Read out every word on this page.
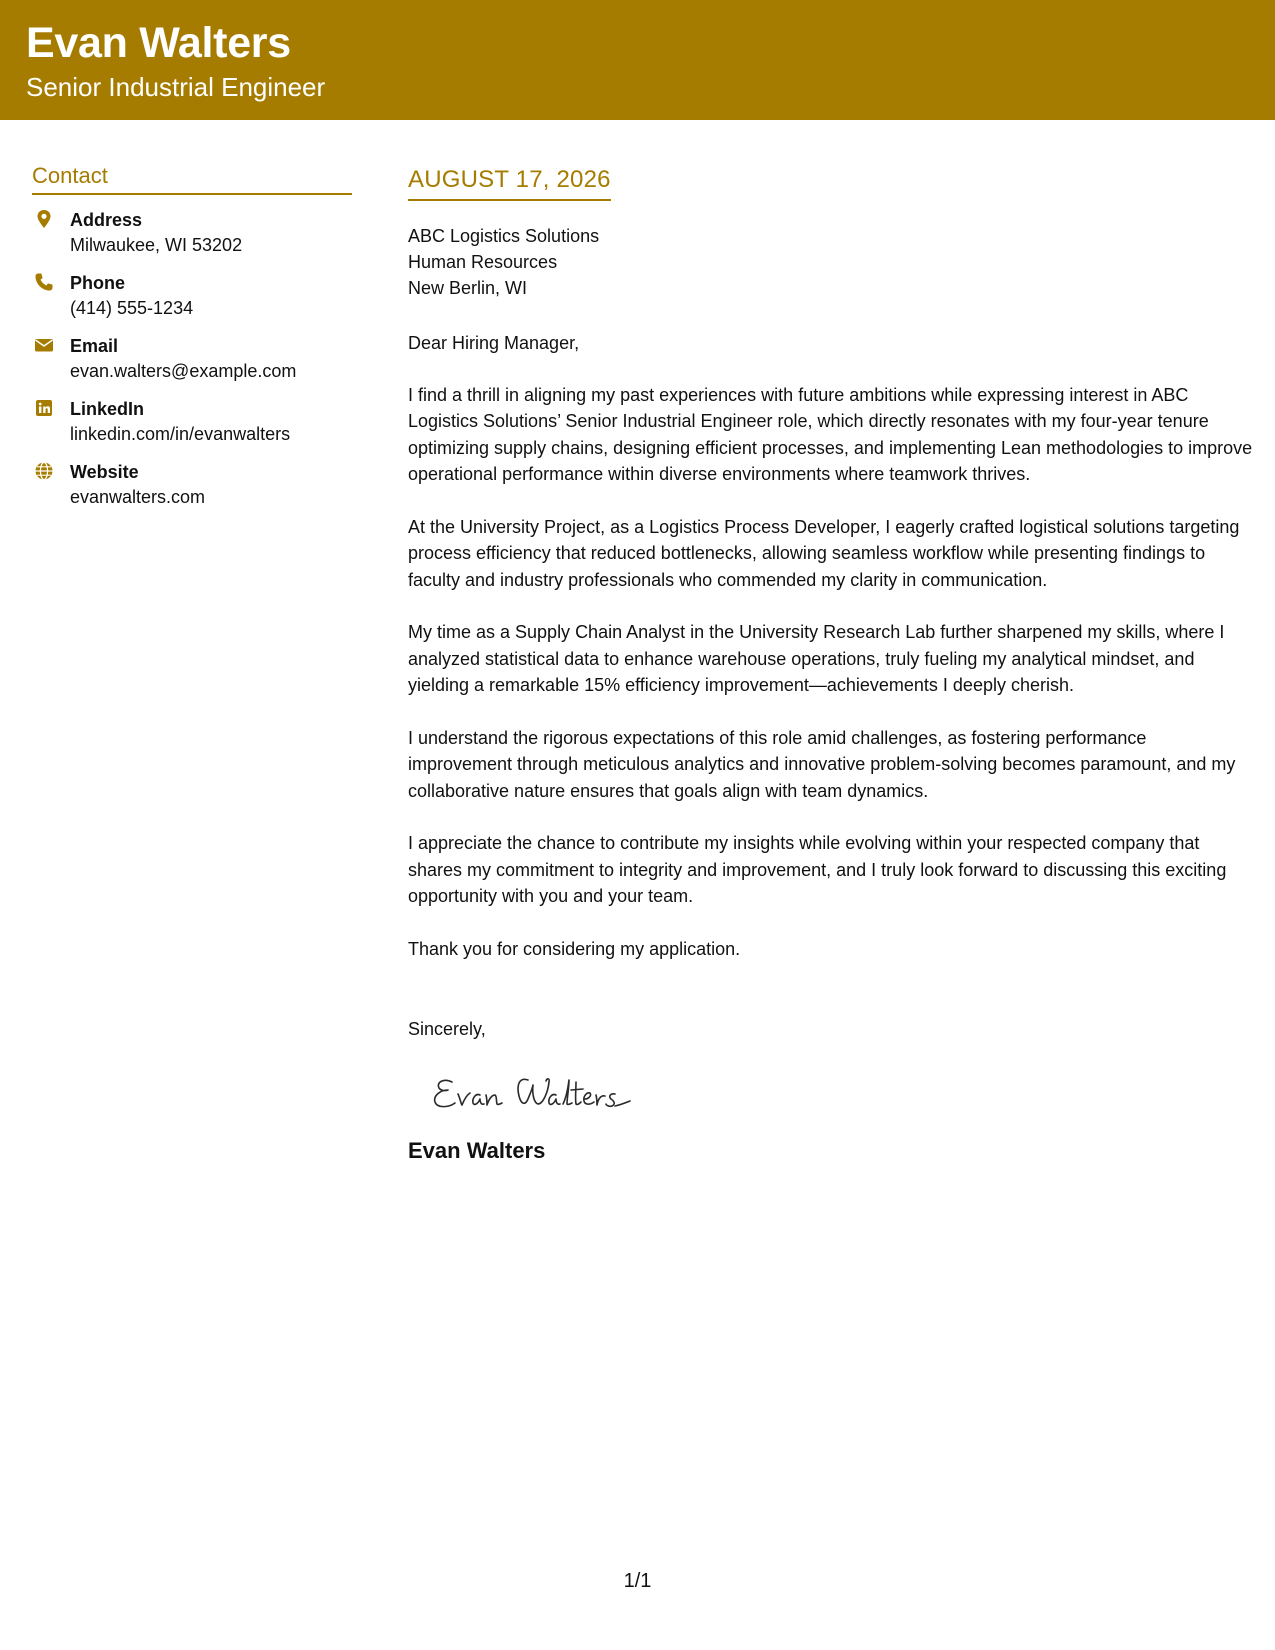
Evan Walters
Senior Industrial Engineer
Contact
Address
Milwaukee, WI 53202
Phone
(414) 555-1234
Email
evan.walters@example.com
LinkedIn
linkedin.com/in/evanwalters
Website
evanwalters.com
AUGUST 17, 2026
ABC Logistics Solutions
Human Resources
New Berlin, WI
Dear Hiring Manager,
I find a thrill in aligning my past experiences with future ambitions while expressing interest in ABC Logistics Solutions’ Senior Industrial Engineer role, which directly resonates with my four-year tenure optimizing supply chains, designing efficient processes, and implementing Lean methodologies to improve operational performance within diverse environments where teamwork thrives.
At the University Project, as a Logistics Process Developer, I eagerly crafted logistical solutions targeting process efficiency that reduced bottlenecks, allowing seamless workflow while presenting findings to faculty and industry professionals who commended my clarity in communication.
My time as a Supply Chain Analyst in the University Research Lab further sharpened my skills, where I analyzed statistical data to enhance warehouse operations, truly fueling my analytical mindset, and yielding a remarkable 15% efficiency improvement—achievements I deeply cherish.
I understand the rigorous expectations of this role amid challenges, as fostering performance improvement through meticulous analytics and innovative problem-solving becomes paramount, and my collaborative nature ensures that goals align with team dynamics.
I appreciate the chance to contribute my insights while evolving within your respected company that shares my commitment to integrity and improvement, and I truly look forward to discussing this exciting opportunity with you and your team.
Thank you for considering my application.
Sincerely,
Evan Walters
1/1
